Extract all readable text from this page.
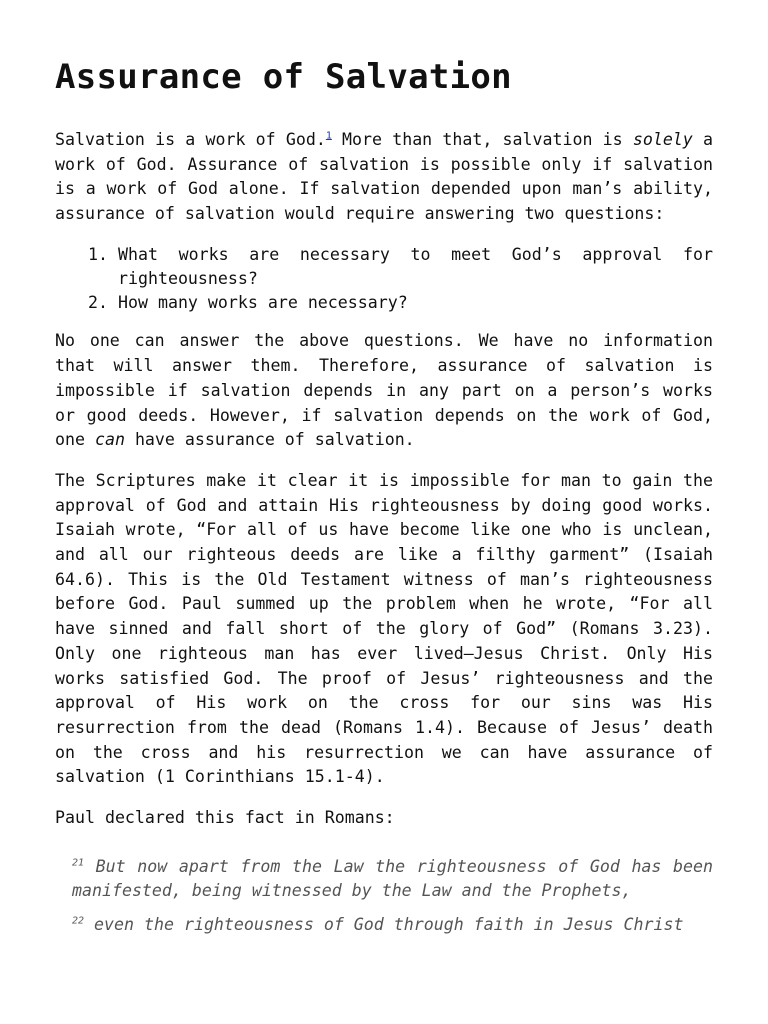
Assurance of Salvation

Salvation is a work of God.$^1$ More than that, salvation is solely a work of God. Assurance of salvation is possible only if salvation is a work of God alone. If salvation depended upon man’s ability, assurance of salvation would require answering two questions:

1. What works are necessary to meet God’s approval for righteousness?
2. How many works are necessary?

No one can answer the above questions. We have no information that will answer them. Therefore, assurance of salvation is impossible if salvation depends in any part on a person’s works or good deeds. However, if salvation depends on the work of God, one can have assurance of salvation.

The Scriptures make it clear it is impossible for man to gain the approval of God and attain His righteousness by doing good works. Isaiah wrote, “For all of us have become like one who is unclean, and all our righteous deeds are like a filthy garment” (Isaiah 64.6). This is the Old Testament witness of man’s righteousness before God. Paul summed up the problem when he wrote, “For all have sinned and fall short of the glory of God” (Romans 3.23). Only one righteous man has ever lived—Jesus Christ. Only His works satisfied God. The proof of Jesus’ righteousness and the approval of His work on the cross for our sins was His resurrection from the dead (Romans 1.4). Because of Jesus’ death on the cross and his resurrection we can have assurance of salvation (1 Corinthians 15.1-4).

Paul declared this fact in Romans:

$^{21}$ But now apart from the Law the righteousness of God has been manifested, being witnessed by the Law and the Prophets,

$^{22}$ even the righteousness of God through faith in Jesus Christ
